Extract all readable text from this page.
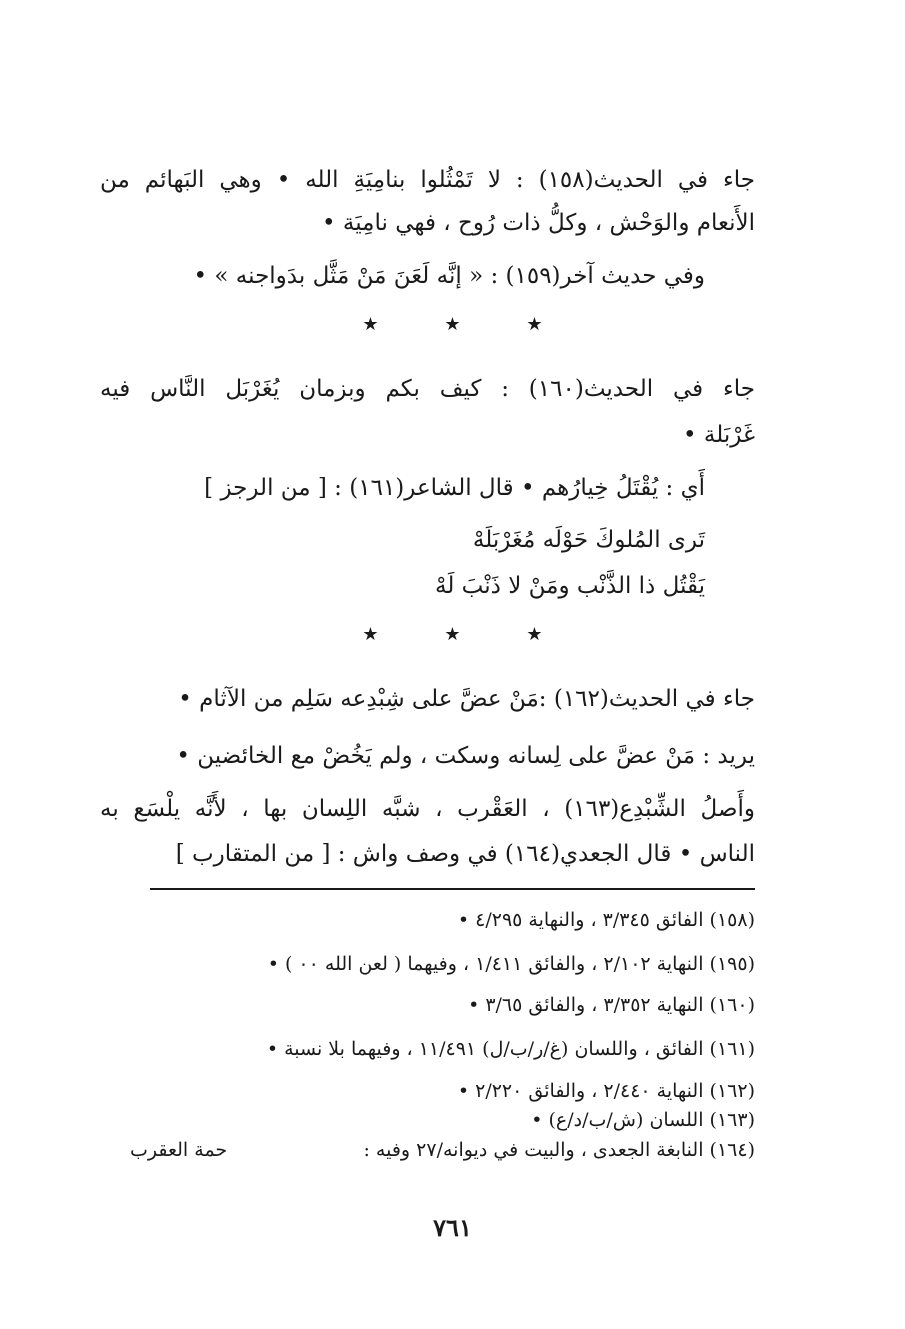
جاء في الحديث(١٥٨) : لا تَمْثُلوا بنامِيَةِ الله • وهي البَهائم من
الأَنعام والوَحْش ، وكلُّ ذات رُوح ، فهي نامِيَة •
وفي حديث آخر(١٥٩) : « إنَّه لَعَنَ مَنْ مَثَّل بدَواجنه » •
★	★	★
جاء في الحديث(١٦٠) : كيف بكم وبزمان يُغَرْبَل النَّاس فيه
غَرْبَلة •
أَي : يُقْتَلُ خِيارُهم • قال الشاعر(١٦١) : [ من الرجز ]
تَرى المُلوكَ حَوْلَه مُغَرْبَلَهْ
يَقْتُل ذا الذَّنْب ومَنْ لا ذَنْبَ لَهْ
★	★	★
جاء في الحديث(١٦٢) :مَنْ عضَّ على شِبْدِعه سَلِم من الآثام •
يريد : مَنْ عضَّ على لِسانه وسكت ، ولم يَخُضْ مع الخائضين •
وأَصلُ الشِّبْدِع(١٦٣) ، العَقْرب ، شبَّه اللِسان بها ، لأَنَّه يلْسَع به
الناس • قال الجعدي(١٦٤) في وصف واش : [ من المتقارب ]
(١٥٨) الفائق ٣/٣٤٥ ، والنهاية ٤/٢٩٥ •
(١٩٥) النهاية ٢/١٠٢ ، والفائق ١/٤١١ ، وفيهما ( لعن الله ٠٠ ) •
(١٦٠) النهاية ٣/٣٥٢ ، والفائق ٣/٦٥ •
(١٦١) الفائق ، واللسان (غ/ر/ب/ل) ١١/٤٩١ ، وفيهما بلا نسبة •
(١٦٢) النهاية ٢/٤٤٠ ، والفائق ٢/٢٢٠ •
(١٦٣) اللسان (ش/ب/د/ع) •
(١٦٤) النابغة الجعدى ، والبيت في ديوانه/٢٧ وفيه :
حمة العقرب
٧٦١
